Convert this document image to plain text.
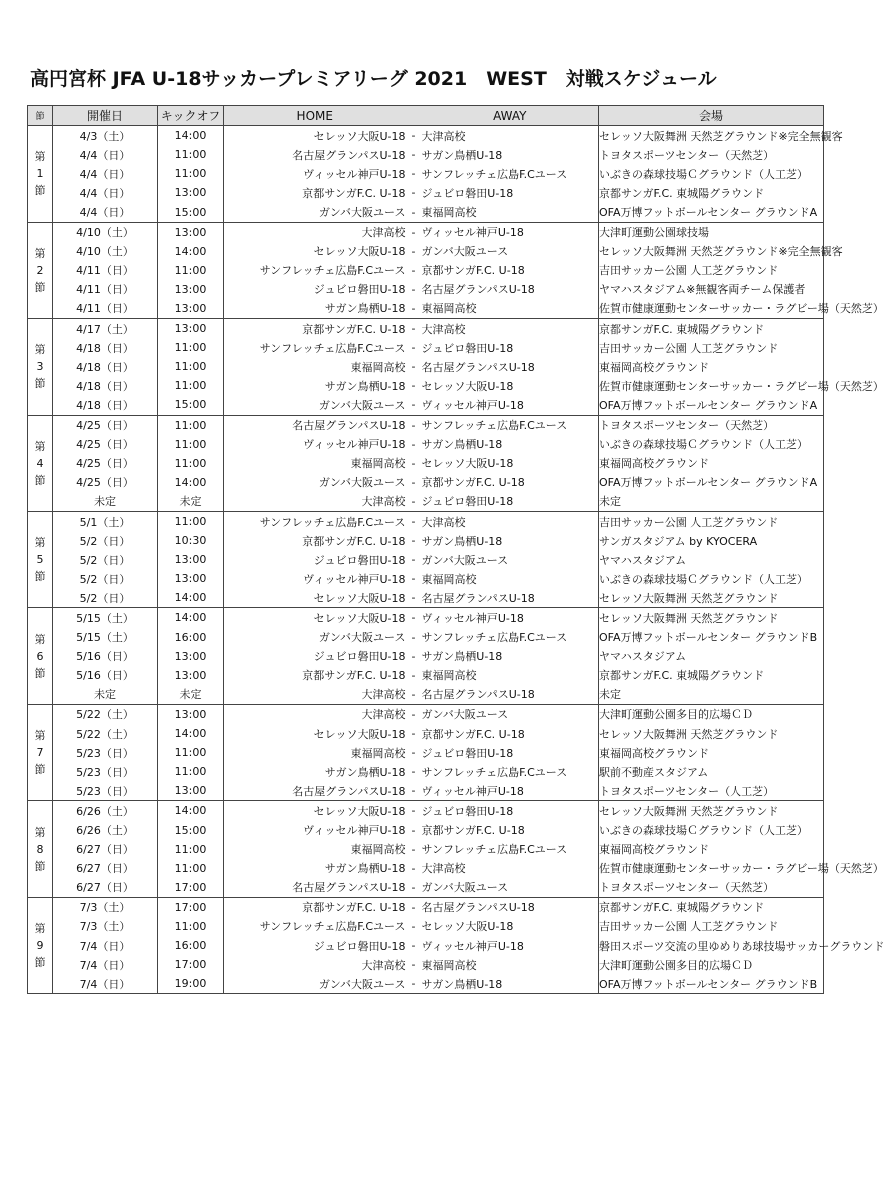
高円宮杯 JFA U-18サッカープレミアリーグ 2021　WEST　対戦スケジュール
節	開催日	キックオフ	HOME		AWAY	会場

第
1
節	4/3（土）	14:00	セレッソ大阪U-18	-	大津高校	セレッソ大阪舞洲 天然芝グラウンド※完全無観客
	4/4（日）	11:00	名古屋グランパスU-18	-	サガン鳥栖U-18	トヨタスポーツセンター（天然芝）
	4/4（日）	11:00	ヴィッセル神戸U-18	-	サンフレッチェ広島F.Cユース	いぶきの森球技場Ｃグラウンド（人工芝）
	4/4（日）	13:00	京都サンガF.C. U-18	-	ジュビロ磐田U-18	京都サンガF.C. 東城陽グラウンド
	4/4（日）	15:00	ガンバ大阪ユース	-	東福岡高校	OFA万博フットボールセンター グラウンドA

第
2
節	4/10（土）	13:00	大津高校	-	ヴィッセル神戸U-18	大津町運動公園球技場
	4/10（土）	14:00	セレッソ大阪U-18	-	ガンバ大阪ユース	セレッソ大阪舞洲 天然芝グラウンド※完全無観客
	4/11（日）	11:00	サンフレッチェ広島F.Cユース	-	京都サンガF.C. U-18	吉田サッカー公園 人工芝グラウンド
	4/11（日）	13:00	ジュビロ磐田U-18	-	名古屋グランパスU-18	ヤマハスタジアム※無観客両チーム保護者
	4/11（日）	13:00	サガン鳥栖U-18	-	東福岡高校	佐賀市健康運動センターサッカー・ラグビー場（天然芝）

第
3
節	4/17（土）	13:00	京都サンガF.C. U-18	-	大津高校	京都サンガF.C. 東城陽グラウンド
	4/18（日）	11:00	サンフレッチェ広島F.Cユース	-	ジュビロ磐田U-18	吉田サッカー公園 人工芝グラウンド
	4/18（日）	11:00	東福岡高校	-	名古屋グランパスU-18	東福岡高校グラウンド
	4/18（日）	11:00	サガン鳥栖U-18	-	セレッソ大阪U-18	佐賀市健康運動センターサッカー・ラグビー場（天然芝）
	4/18（日）	15:00	ガンバ大阪ユース	-	ヴィッセル神戸U-18	OFA万博フットボールセンター グラウンドA

第
4
節	4/25（日）	11:00	名古屋グランパスU-18	-	サンフレッチェ広島F.Cユース	トヨタスポーツセンター（天然芝）
	4/25（日）	11:00	ヴィッセル神戸U-18	-	サガン鳥栖U-18	いぶきの森球技場Ｃグラウンド（人工芝）
	4/25（日）	11:00	東福岡高校	-	セレッソ大阪U-18	東福岡高校グラウンド
	4/25（日）	14:00	ガンバ大阪ユース	-	京都サンガF.C. U-18	OFA万博フットボールセンター グラウンドA
	未定	未定	大津高校	-	ジュビロ磐田U-18	未定

第
5
節	5/1（土）	11:00	サンフレッチェ広島F.Cユース	-	大津高校	吉田サッカー公園 人工芝グラウンド
	5/2（日）	10:30	京都サンガF.C. U-18	-	サガン鳥栖U-18	サンガスタジアム by KYOCERA
	5/2（日）	13:00	ジュビロ磐田U-18	-	ガンバ大阪ユース	ヤマハスタジアム
	5/2（日）	13:00	ヴィッセル神戸U-18	-	東福岡高校	いぶきの森球技場Ｃグラウンド（人工芝）
	5/2（日）	14:00	セレッソ大阪U-18	-	名古屋グランパスU-18	セレッソ大阪舞洲 天然芝グラウンド

第
6
節	5/15（土）	14:00	セレッソ大阪U-18	-	ヴィッセル神戸U-18	セレッソ大阪舞洲 天然芝グラウンド
	5/15（土）	16:00	ガンバ大阪ユース	-	サンフレッチェ広島F.Cユース	OFA万博フットボールセンター グラウンドB
	5/16（日）	13:00	ジュビロ磐田U-18	-	サガン鳥栖U-18	ヤマハスタジアム
	5/16（日）	13:00	京都サンガF.C. U-18	-	東福岡高校	京都サンガF.C. 東城陽グラウンド
	未定	未定	大津高校	-	名古屋グランパスU-18	未定

第
7
節	5/22（土）	13:00	大津高校	-	ガンバ大阪ユース	大津町運動公園多目的広場ＣＤ
	5/22（土）	14:00	セレッソ大阪U-18	-	京都サンガF.C. U-18	セレッソ大阪舞洲 天然芝グラウンド
	5/23（日）	11:00	東福岡高校	-	ジュビロ磐田U-18	東福岡高校グラウンド
	5/23（日）	11:00	サガン鳥栖U-18	-	サンフレッチェ広島F.Cユース	駅前不動産スタジアム
	5/23（日）	13:00	名古屋グランパスU-18	-	ヴィッセル神戸U-18	トヨタスポーツセンター（人工芝）

第
8
節	6/26（土）	14:00	セレッソ大阪U-18	-	ジュビロ磐田U-18	セレッソ大阪舞洲 天然芝グラウンド
	6/26（土）	15:00	ヴィッセル神戸U-18	-	京都サンガF.C. U-18	いぶきの森球技場Ｃグラウンド（人工芝）
	6/27（日）	11:00	東福岡高校	-	サンフレッチェ広島F.Cユース	東福岡高校グラウンド
	6/27（日）	11:00	サガン鳥栖U-18	-	大津高校	佐賀市健康運動センターサッカー・ラグビー場（天然芝）
	6/27（日）	17:00	名古屋グランパスU-18	-	ガンバ大阪ユース	トヨタスポーツセンター（天然芝）

第
9
節	7/3（土）	17:00	京都サンガF.C. U-18	-	名古屋グランパスU-18	京都サンガF.C. 東城陽グラウンド
	7/3（土）	11:00	サンフレッチェ広島F.Cユース	-	セレッソ大阪U-18	吉田サッカー公園 人工芝グラウンド
	7/4（日）	16:00	ジュビロ磐田U-18	-	ヴィッセル神戸U-18	磐田スポーツ交流の里ゆめりあ球技場サッカーグラウンド
	7/4（日）	17:00	大津高校	-	東福岡高校	大津町運動公園多目的広場ＣＤ
	7/4（日）	19:00	ガンバ大阪ユース	-	サガン鳥栖U-18	OFA万博フットボールセンター グラウンドB
